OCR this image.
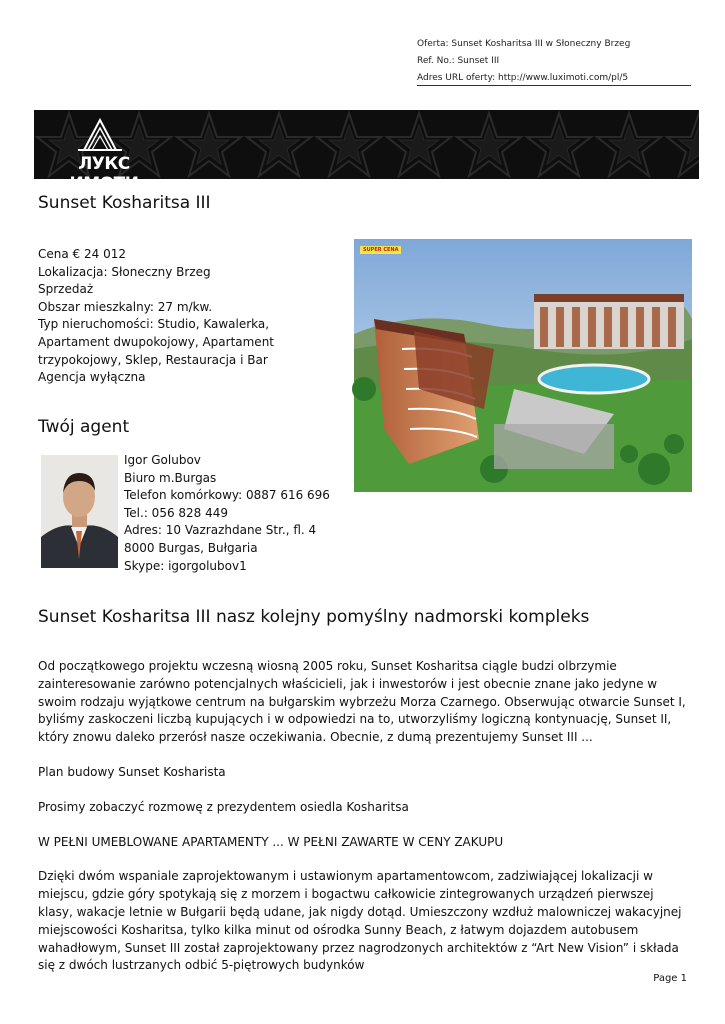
Oferta: Sunset Kosharitsa III w Słoneczny Brzeg
Ref. No.: Sunset III
Adres URL oferty: http://www.luximoti.com/pl/5
ЛУКС ИМОТИ
Sunset Kosharitsa III
Cena € 24 012
Lokalizacja: Słoneczny Brzeg
Sprzedaż
Obszar mieszkalny: 27 m/kw.
Typ nieruchomości: Studio, Kawalerka, Apartament dwupokojowy, Apartament trzypokojowy, Sklep, Restauracja i Bar
Agencja wyłączna
SUPER CENA
Twój agent
Igor Golubov
Biuro m.Burgas
Telefon komórkowy: 0887 616 696
Tel.: 056 828 449
Adres: 10 Vazrazhdane Str., fl. 4
8000 Burgas, Bułgaria
Skype: igorgolubov1
Sunset Kosharitsa III nasz kolejny pomyślny nadmorski kompleks

Od początkowego projektu wczesną wiosną 2005 roku, Sunset Kosharitsa ciągle budzi olbrzymie zainteresowanie zarówno potencjalnych właścicieli, jak i inwestorów i jest obecnie znane jako jedyne w swoim rodzaju wyjątkowe centrum na bułgarskim wybrzeżu Morza Czarnego. Obserwując otwarcie Sunset I, byliśmy zaskoczeni liczbą kupujących i w odpowiedzi na to, utworzyliśmy logiczną kontynuację, Sunset II, który znowu daleko przerósł nasze oczekiwania. Obecnie, z dumą prezentujemy Sunset III ...

Plan budowy Sunset Kosharista

Prosimy zobaczyć rozmowę z prezydentem osiedla Kosharitsa

W PEŁNI UMEBLOWANE APARTAMENTY ... W PEŁNI ZAWARTE W CENY ZAKUPU

Dzięki dwóm wspaniale zaprojektowanym i ustawionym apartamentowcom, zadziwiającej lokalizacji w miejscu, gdzie góry spotykają się z morzem i bogactwu całkowicie zintegrowanych urządzeń pierwszej klasy, wakacje letnie w Bułgarii będą udane, jak nigdy dotąd. Umieszczony wzdłuż malowniczej wakacyjnej miejscowości Kosharitsa, tylko kilka minut od ośrodka Sunny Beach, z łatwym dojazdem autobusem wahadłowym, Sunset III został zaprojektowany przez nagrodzonych architektów z “Art New Vision” i składa się z dwóch lustrzanych odbić 5-piętrowych budynków

Page 1
